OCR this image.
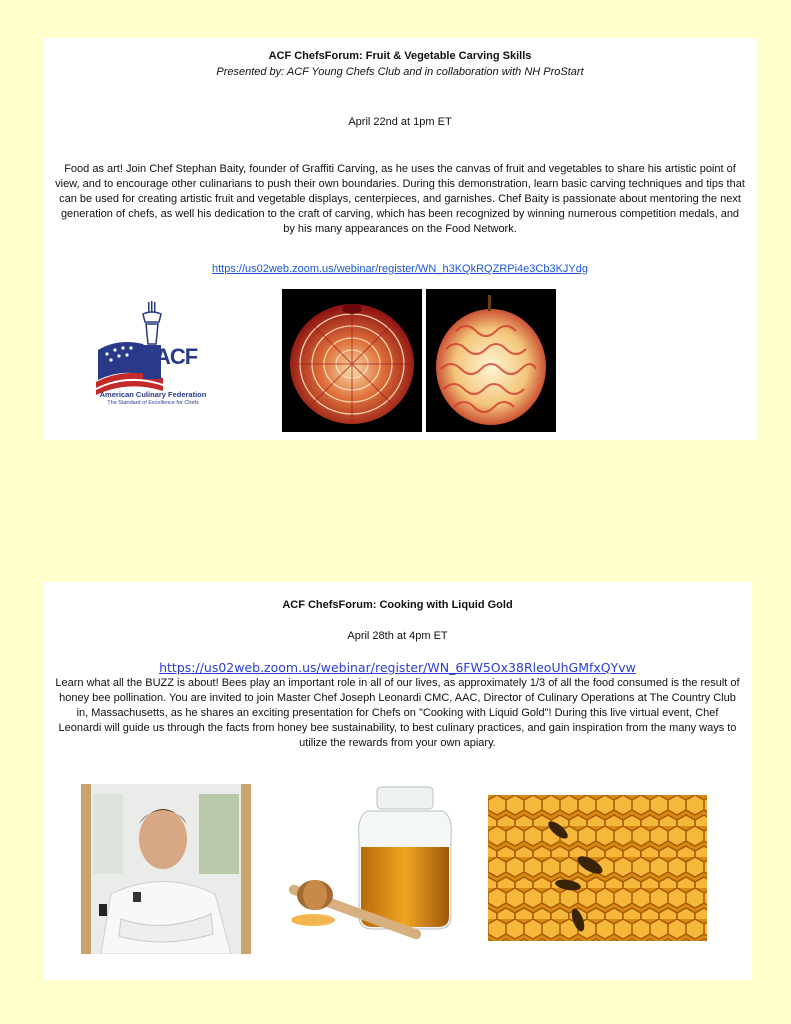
ACF ChefsForum: Fruit & Vegetable Carving Skills
Presented by: ACF Young Chefs Club and in collaboration with NH ProStart
April 22nd at 1pm ET
Food as art! Join Chef Stephan Baity, founder of Graffiti Carving, as he uses the canvas of fruit and vegetables to share his artistic point of view, and to encourage other culinarians to push their own boundaries. During this demonstration, learn basic carving techniques and tips that can be used for creating artistic fruit and vegetable displays, centerpieces, and garnishes. Chef Baity is passionate about mentoring the next generation of chefs, as well his dedication to the craft of carving, which has been recognized by winning numerous competition medals, and by his many appearances on the Food Network.
https://us02web.zoom.us/webinar/register/WN_h3KQkRQZRPi4e3Cb3KJYdg
ACF
American Culinary Federation
The Standard of Excellence for Chefs
ACF ChefsForum: Cooking with Liquid Gold
April 28th at 4pm ET
https://us02web.zoom.us/webinar/register/WN_6FW5Ox38RleoUhGMfxQYvw
Learn what all the BUZZ is about! Bees play an important role in all of our lives, as approximately 1/3 of all the food consumed is the result of honey bee pollination. You are invited to join Master Chef Joseph Leonardi CMC, AAC, Director of Culinary Operations at The Country Club in, Massachusetts, as he shares an exciting presentation for Chefs on "Cooking with Liquid Gold"! During this live virtual event, Chef Leonardi will guide us through the facts from honey bee sustainability, to best culinary practices, and gain inspiration from the many ways to utilize the rewards from your own apiary.
